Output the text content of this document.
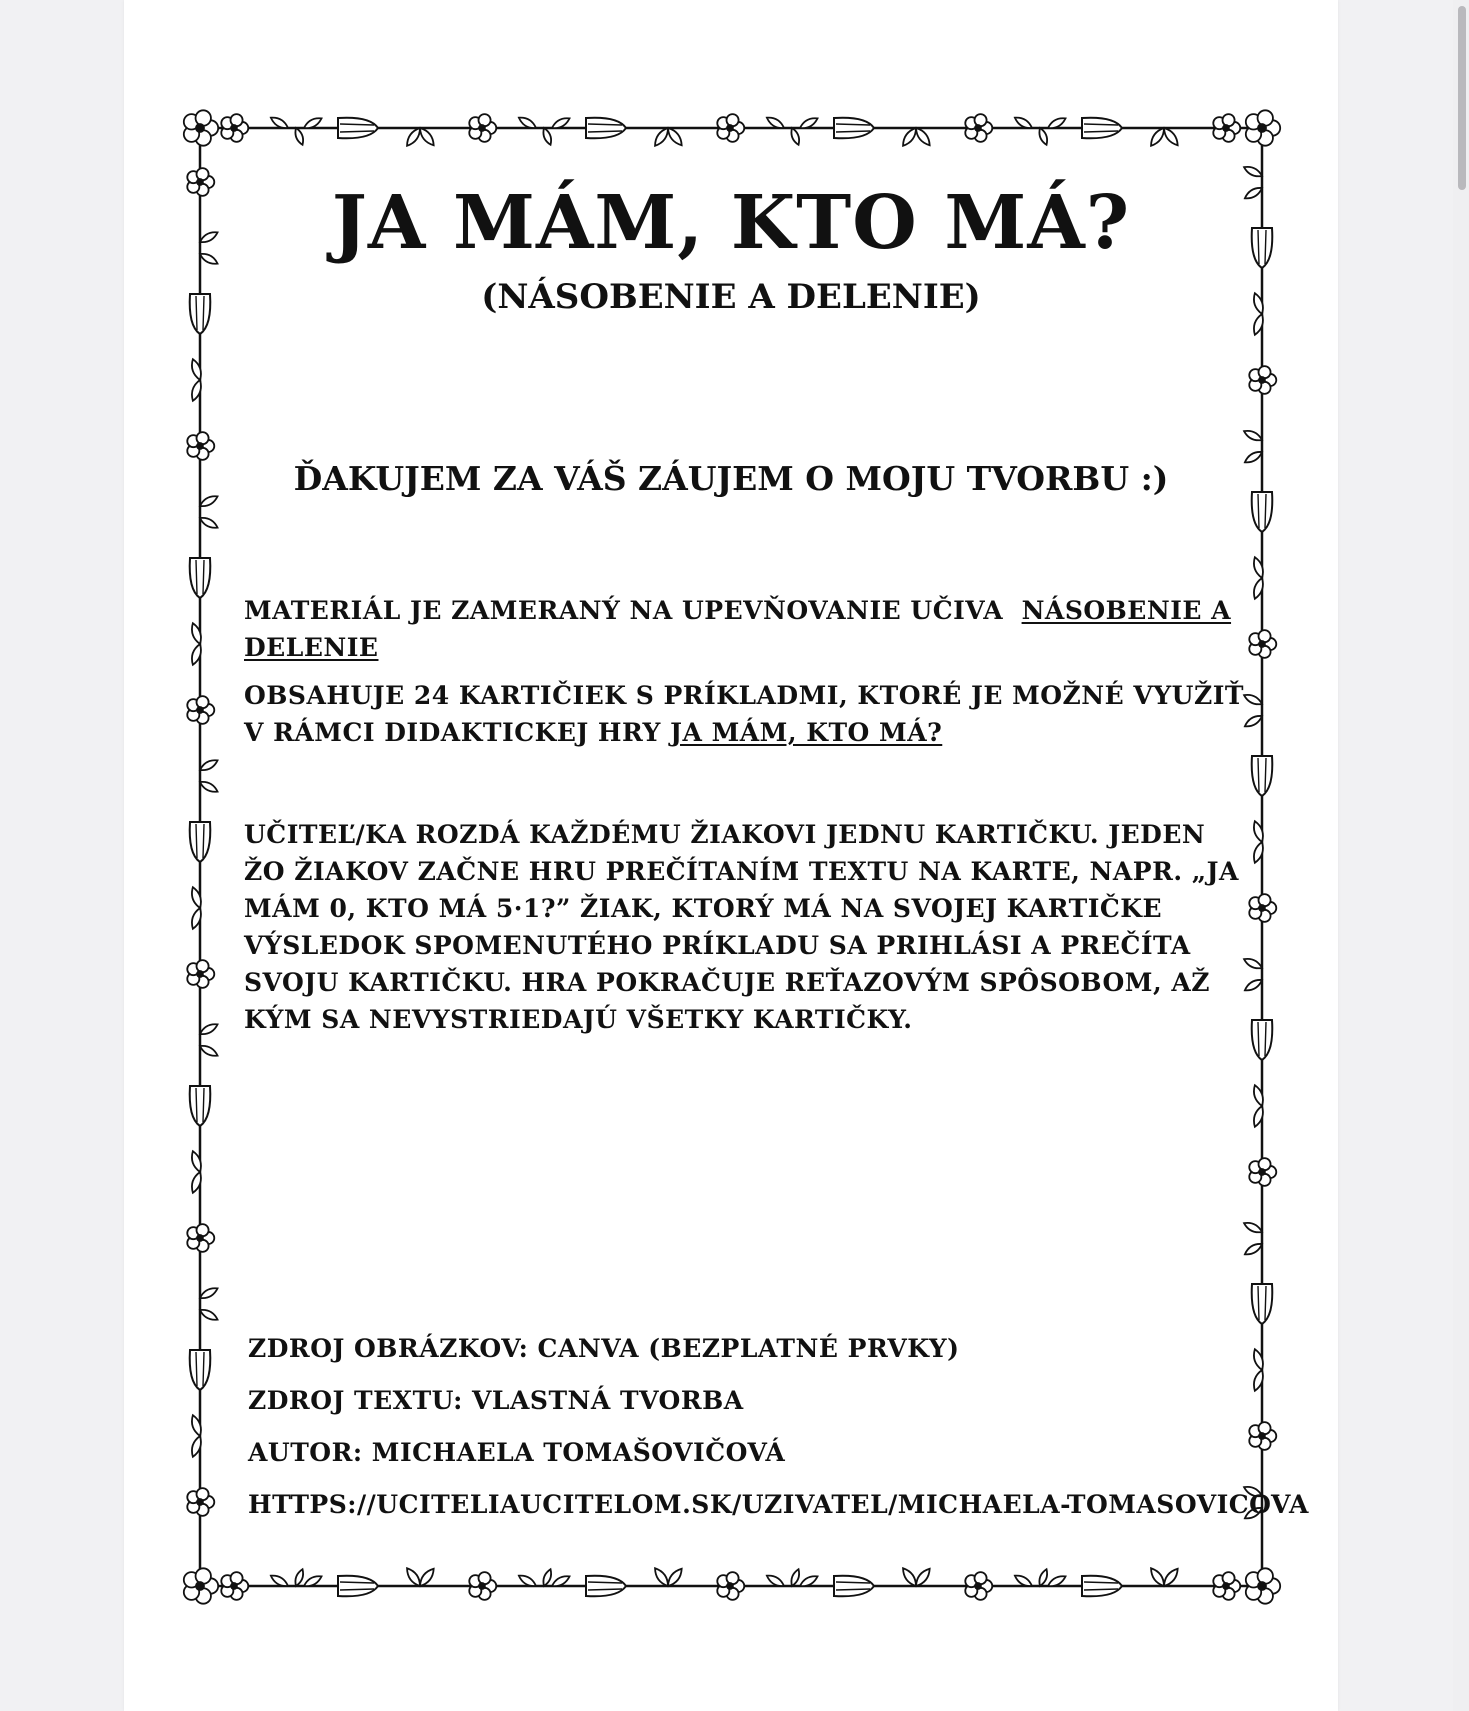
JA MÁM, KTO MÁ?
(NÁSOBENIE A DELENIE)
ĎAKUJEM ZA VÁŠ ZÁUJEM O MOJU TVORBU :)
MATERIÁL JE ZAMERANÝ NA UPEVŇOVANIE UČIVA NÁSOBENIE A DELENIE
OBSAHUJE 24 KARTIČIEK S PRÍKLADMI, KTORÉ JE MOŽNÉ VYUŽIŤ V RÁMCI DIDAKTICKEJ HRY JA MÁM, KTO MÁ?
UČITEĽ/KA ROZDÁ KAŽDÉMU ŽIAKOVI JEDNU KARTIČKU. JEDEN ŽO ŽIAKOV ZAČNE HRU PREČÍTANÍM TEXTU NA KARTE, NAPR. „JA MÁM 0, KTO MÁ 5·1?” ŽIAK, KTORÝ MÁ NA SVOJEJ KARTIČKE VÝSLEDOK SPOMENUTÉHO PRÍKLADU SA PRIHLÁSI A PREČÍTA SVOJU KARTIČKU. HRA POKRAČUJE REŤAZOVÝM SPÔSOBOM, AŽ KÝM SA NEVYSTRIEDAJÚ VŠETKY KARTIČKY.
ZDROJ OBRÁZKOV: CANVA (BEZPLATNÉ PRVKY)
ZDROJ TEXTU: VLASTNÁ TVORBA
AUTOR: MICHAELA TOMAŠOVIČOVÁ
HTTPS://UCITELIAUCITELOM.SK/UZIVATEL/MICHAELA-TOMASOVICOVA
